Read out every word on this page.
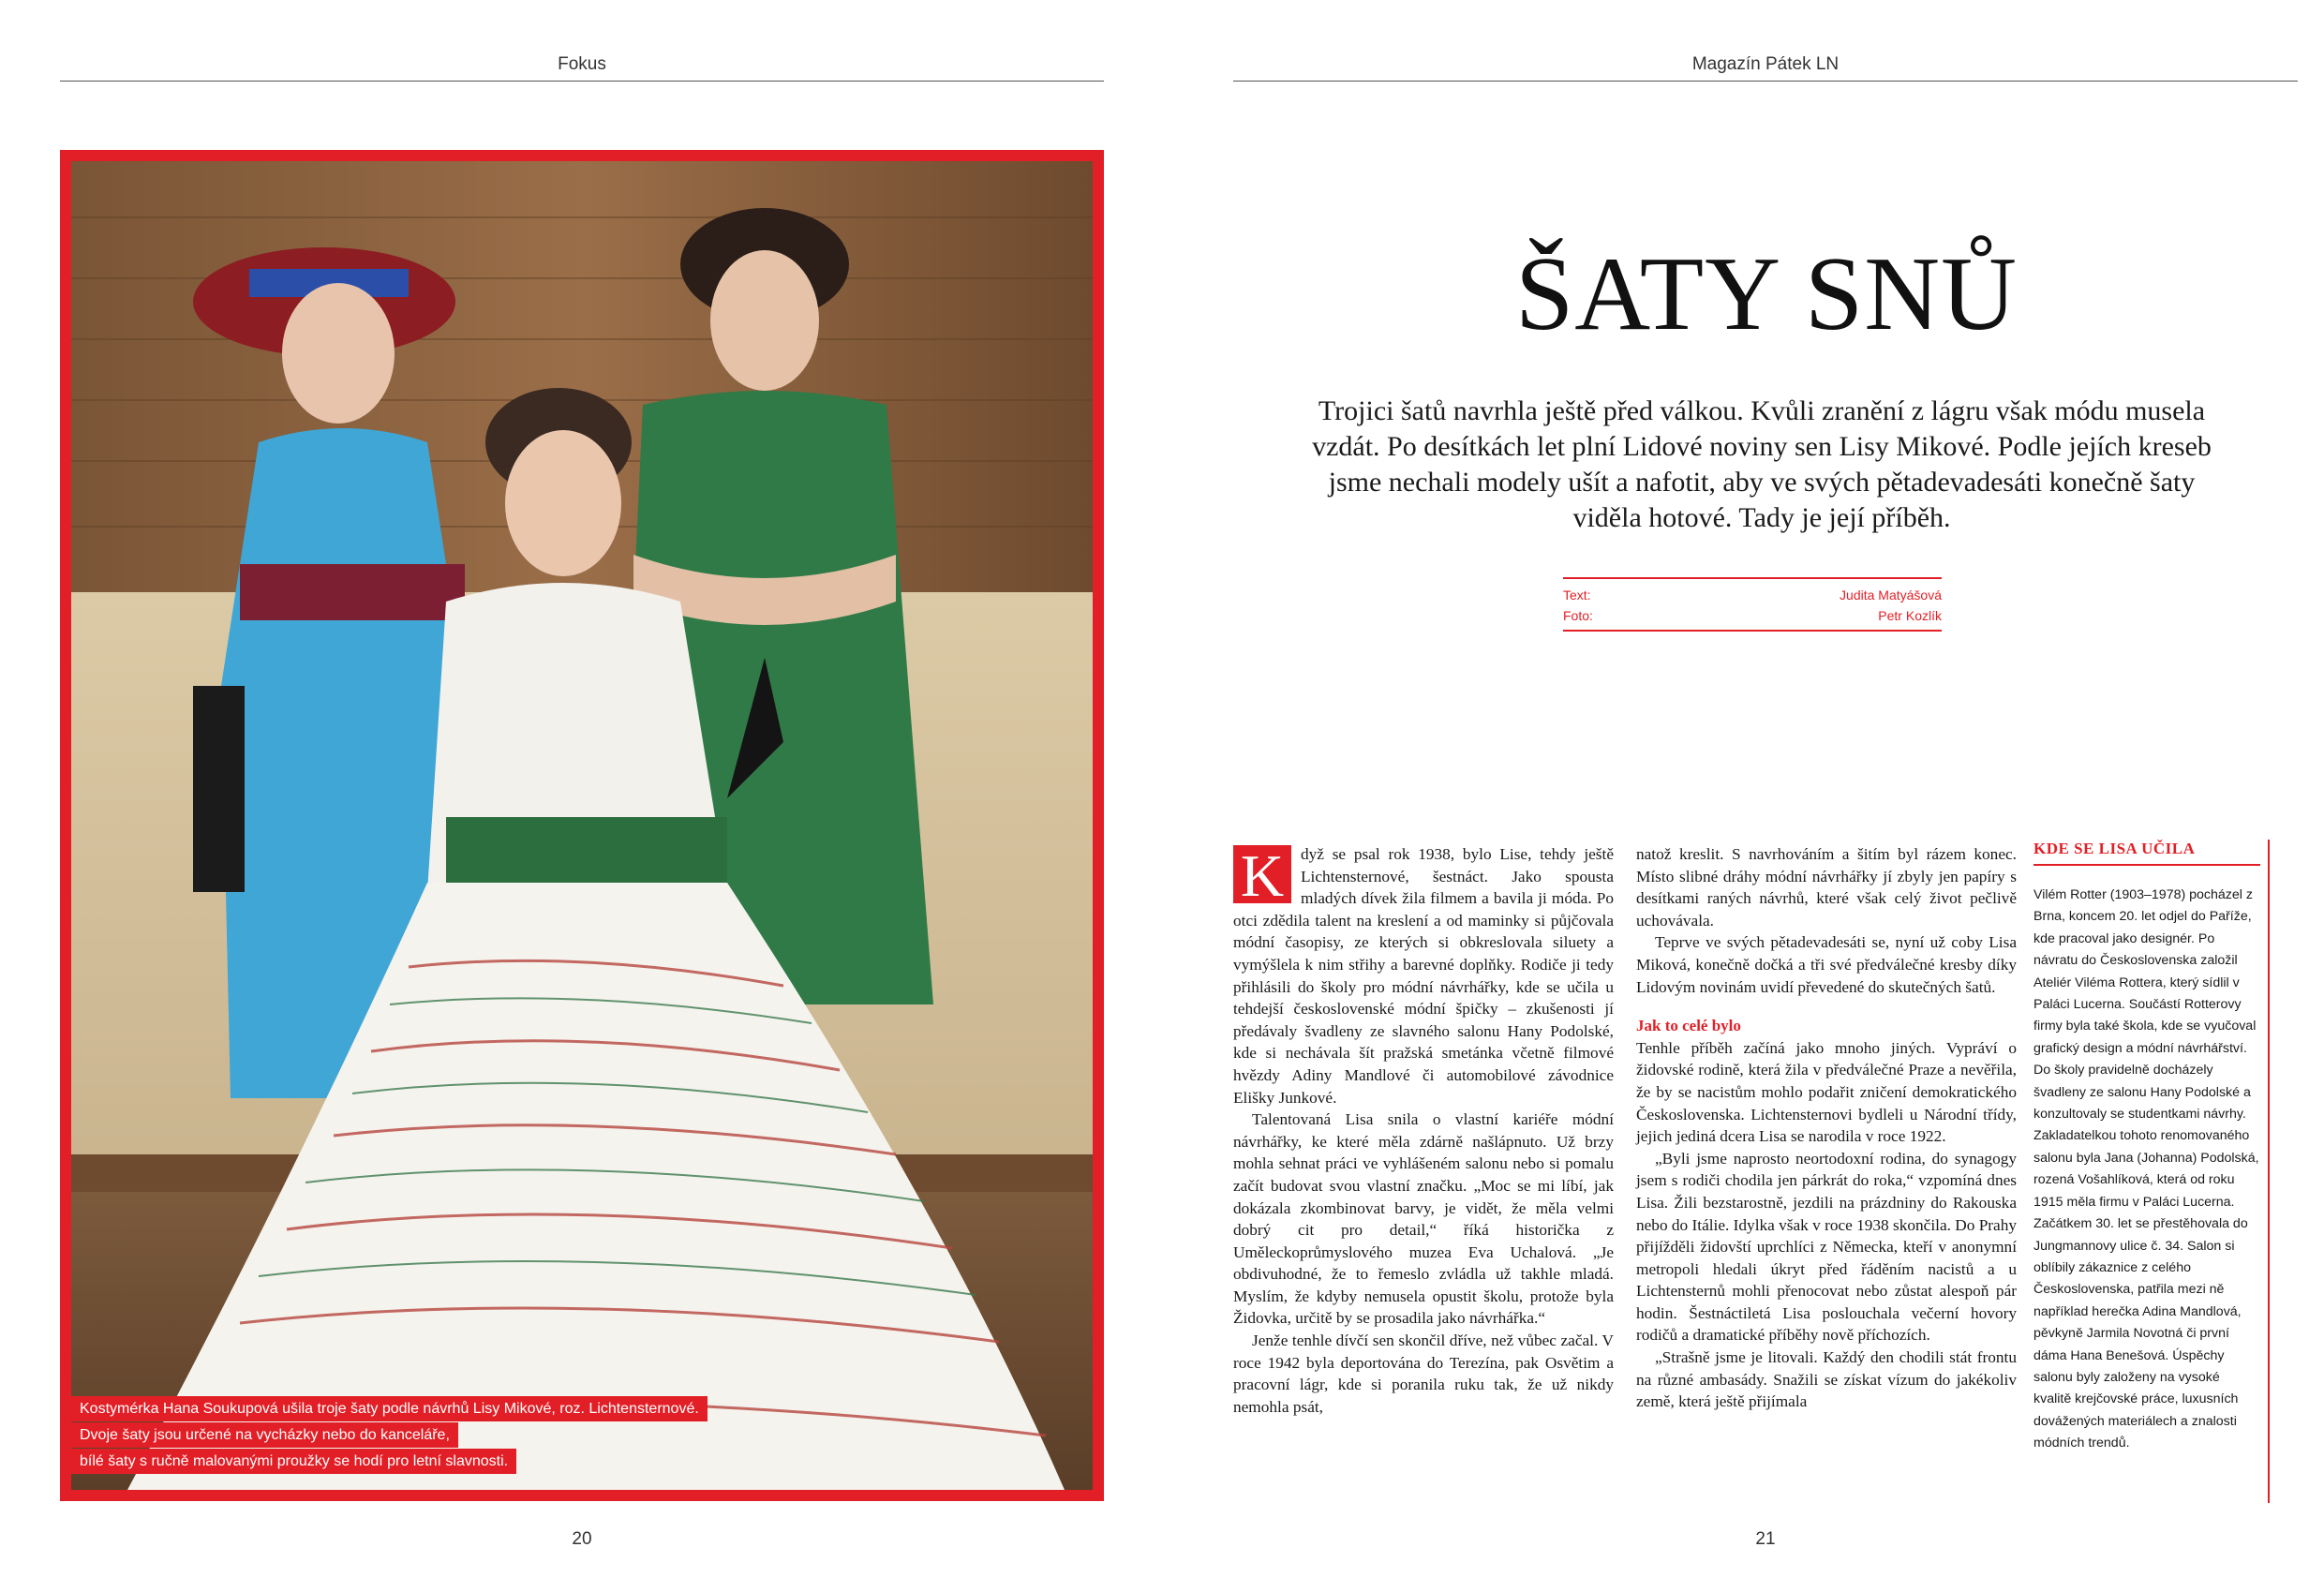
Fokus	Magazín Pátek LN
Kostymérka Hana Soukupová ušila troje šaty podle návrhů Lisy Mikové, roz. Lichtensternové.
Dvoje šaty jsou určené na vycházky nebo do kanceláře,
bílé šaty s ručně malovanými proužky se hodí pro letní slavnosti.
20
ŠATY SNŮ
Trojici šatů navrhla ještě před válkou. Kvůli zranění z lágru však módu musela vzdát. Po desítkách let plní Lidové noviny sen Lisy Mikové. Podle jejích kreseb jsme nechali modely ušít a nafotit, aby ve svých pětadevadesáti konečně šaty viděla hotové. Tady je její příběh.
Text:	Judita Matyášová
Foto:	Petr Kozlík

K	dyž se psal rok 1938, bylo Lise, tehdy ještě Lichtensternové, šestnáct. Jako spousta mladých dívek žila filmem a bavila ji móda. Po otci zdědila talent na kreslení a od maminky si půjčovala módní časopisy, ze kterých si obkreslovala siluety a vymýšlela k nim střihy a barevné doplňky. Rodiče ji tedy přihlásili do školy pro módní návrhářky, kde se učila u tehdejší československé módní špičky – zkušenosti jí předávaly švadleny ze slavného salonu Hany Podolské, kde si nechávala šít pražská smetánka včetně filmové hvězdy Adiny Mandlové či automobilové závodnice Elišky Junkové.

Talentovaná Lisa snila o vlastní kariéře módní návrhářky, ke které měla zdárně našlápnuto. Už brzy mohla sehnat práci ve vyhlášeném salonu nebo si pomalu začít budovat svou vlastní značku. „Moc se mi líbí, jak dokázala zkombinovat barvy, je vidět, že měla velmi dobrý cit pro detail,“ říká historička z Uměleckoprůmyslového muzea Eva Uchalová. „Je obdivuhodné, že to řemeslo zvládla už takhle mladá. Myslím, že kdyby nemusela opustit školu, protože byla Židovka, určitě by se prosadila jako návrhářka.“

Jenže tenhle dívčí sen skončil dříve, než vůbec začal. V roce 1942 byla deportována do Terezína, pak Osvětim a pracovní lágr, kde si poranila ruku tak, že už nikdy nemohla psát,

natož kreslit. S navrhováním a šitím byl rázem konec. Místo slibné dráhy módní návrhářky jí zbyly jen papíry s desítkami raných návrhů, které však celý život pečlivě uchovávala.

Teprve ve svých pětadevadesáti se, nyní už coby Lisa Miková, konečně dočká a tři své předválečné kresby díky Lidovým novinám uvidí převedené do skutečných šatů.

Jak to celé bylo

Tenhle příběh začíná jako mnoho jiných. Vypráví o židovské rodině, která žila v předválečné Praze a nevěřila, že by se nacistům mohlo podařit zničení demokratického Československa. Lichtensternovi bydleli u Národní třídy, jejich jediná dcera Lisa se narodila v roce 1922.

„Byli jsme naprosto neortodoxní rodina, do synagogy jsem s rodiči chodila jen párkrát do roka,“ vzpomíná dnes Lisa. Žili bezstarostně, jezdili na prázdniny do Rakouska nebo do Itálie. Idylka však v roce 1938 skončila. Do Prahy přijížděli židovští uprchlíci z Německa, kteří v anonymní metropoli hledali úkryt před řáděním nacistů a u Lichtensternů mohli přenocovat nebo zůstat alespoň pár hodin. Šestnáctiletá Lisa poslouchala večerní hovory rodičů a dramatické příběhy nově příchozích.

„Strašně jsme je litovali. Každý den chodili stát frontu na různé ambasády. Snažili se získat vízum do jakékoliv země, která ještě přijímala

KDE SE LISA UČILA
Vilém Rotter (1903–1978) pocházel z Brna, koncem 20. let odjel do Paříže, kde pracoval jako designér. Po návratu do Československa založil Ateliér Viléma Rottera, který sídlil v Paláci Lucerna. Součástí Rotterovy firmy byla také škola, kde se vyučoval grafický design a módní návrhářství. Do školy pravidelně docházely švadleny ze salonu Hany Podolské a konzultovaly se studentkami návrhy. Zakladatelkou tohoto renomovaného salonu byla Jana (Johanna) Podolská, rozená Vošahlíková, která od roku 1915 měla firmu v Paláci Lucerna. Začátkem 30. let se přestěhovala do Jungmannovy ulice č. 34. Salon si oblíbily zákaznice z celého Československa, patřila mezi ně například herečka Adina Mandlová, pěvkyně Jarmila Novotná či první dáma Hana Benešová. Úspěchy salonu byly založeny na vysoké kvalitě krejčovské práce, luxusních dovážených materiálech a znalosti módních trendů.
21
